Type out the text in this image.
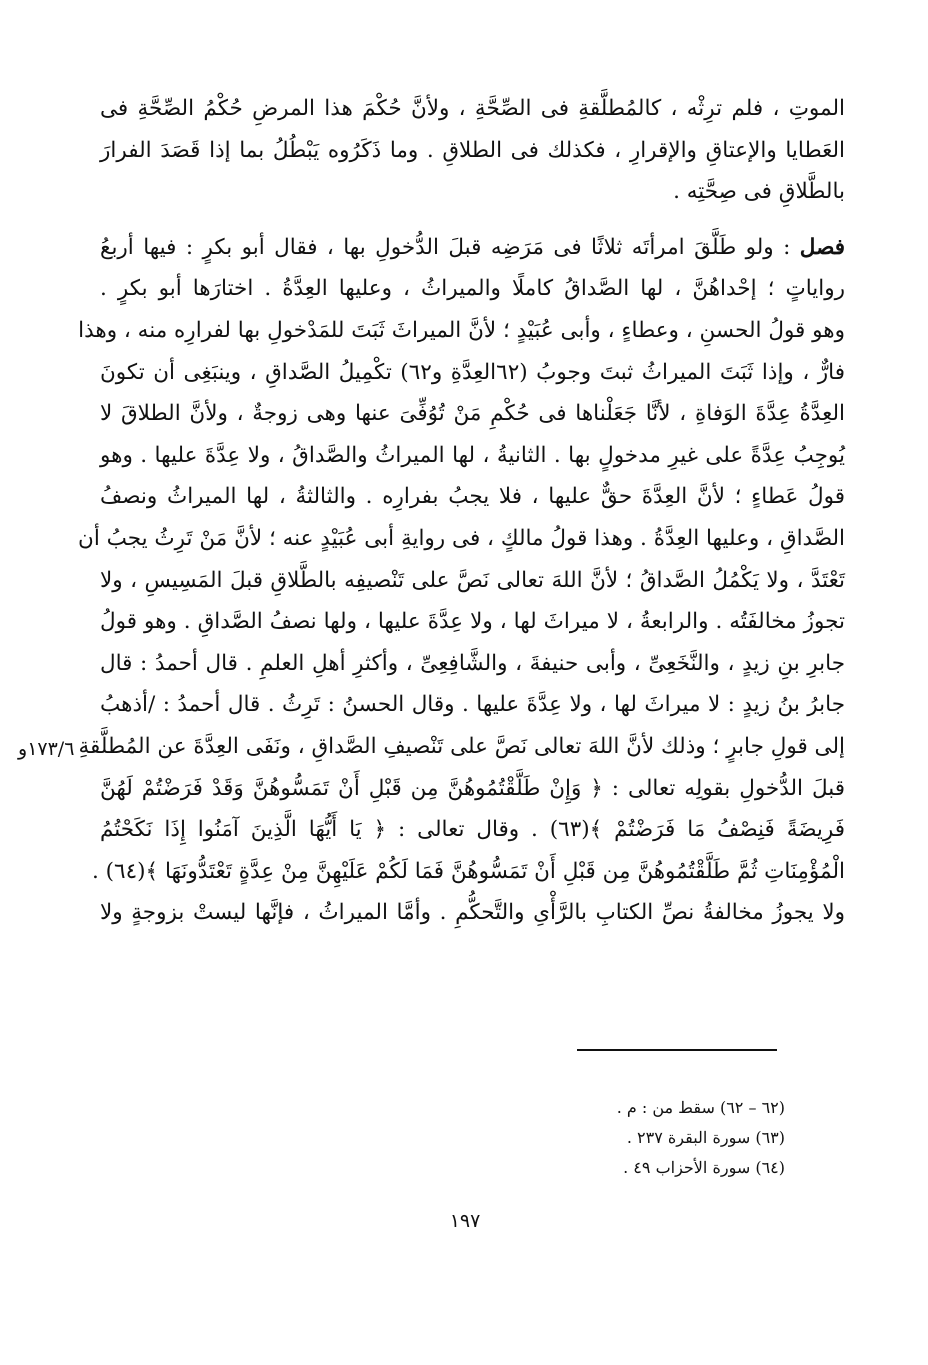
الموتِ ، فلم ترِثْه ، كالمُطلَّقةِ فى الصِّحَّةِ ، ولأنَّ حُكْمَ هذا المرضِ حُكْمُ الصِّحَّةِ فى
العَطايا والإعتاقِ والإقرارِ ، فكذلك فى الطلاقِ . وما ذَكَرُوه يَبْطُلُ بما إذا قَصَدَ الفرارَ
بالطَّلاقِ فى صِحَّتِه .
فصل : ولو طَلَّقَ امرأتَه ثلاثًا فى مَرَضِه قبلَ الدُّخولِ بها ، فقال أبو بكرٍ : فيها أربعُ
رواياتٍ ؛ إحْداهُنَّ ، لها الصَّداقُ كاملًا والميراثُ ، وعليها العِدَّةُ . اختارَها أبو بكرٍ .
وهو قولُ الحسنِ ، وعطاءٍ ، وأبى عُبَيْدٍ ؛ لأنَّ الميراثَ ثَبَتَ للمَدْخولِ بها لفرارِه منه ، وهذا
فارٌّ ، وإذا ثَبَتَ الميراثُ ثبتَ وجوبُ (٦٢العِدَّةِ و٦٢) تكْمِيلُ الصَّداقِ ، وينبَغِى أن تكونَ
العِدَّةُ عِدَّةَ الوَفاةِ ، لأنَّا جَعَلْناها فى حُكْمِ مَنْ تُوُفِّىَ عنها وهى زوجةٌ ، ولأنَّ الطلاقَ لا
يُوجِبُ عِدَّةً على غيرِ مدخولٍ بها . الثانيةُ ، لها الميراثُ والصَّداقُ ، ولا عِدَّةَ عليها . وهو
قولُ عَطاءٍ ؛ لأنَّ العِدَّةَ حقٌّ عليها ، فلا يجبُ بفرارِه . والثالثةُ ، لها الميراثُ ونصفُ
الصَّداقِ ، وعليها العِدَّةُ . وهذا قولُ مالكٍ ، فى روايةِ أبى عُبَيْدٍ عنه ؛ لأنَّ مَنْ تَرِثُ يجبُ أن
تَعْتَدَّ ، ولا يَكْمُلُ الصَّداقُ ؛ لأنَّ اللهَ تعالى نَصَّ على تَنْصيفِه بالطَّلاقِ قبلَ المَسِيسِ ، ولا
تجوزُ مخالفَتُه . والرابعةُ ، لا ميراثَ لها ، ولا عِدَّةَ عليها ، ولها نصفُ الصَّداقِ . وهو قولُ
جابرِ بنِ زيدٍ ، والنَّخَعِىِّ ، وأبى حنيفةَ ، والشَّافِعِىِّ ، وأكثرِ أهلِ العلمِ . قال أحمدُ : قال
جابرُ بنُ زيدٍ : لا ميراثَ لها ، ولا عِدَّةَ عليها . وقال الحسنُ : تَرِثُ . قال أحمدُ : /أذهبُ
إلى قولِ جابرٍ ؛ وذلك لأنَّ اللهَ تعالى نَصَّ على تَنْصيفِ الصَّداقِ ، ونَفَى العِدَّةَ عن المُطلَّقةِ
قبلَ الدُّخولِ بقولِه تعالى : ﴿ وَإِنْ طَلَّقْتُمُوهُنَّ مِن قَبْلِ أَنْ تَمَسُّوهُنَّ وَقَدْ فَرَضْتُمْ لَهُنَّ
فَرِيضَةً فَنِصْفُ مَا فَرَضْتُمْ ﴾(٦٣) . وقال تعالى : ﴿ يَا أَيُّهَا الَّذِينَ آمَنُوا إِذَا نَكَحْتُمُ
الْمُؤْمِنَاتِ ثُمَّ طَلَّقْتُمُوهُنَّ مِن قَبْلِ أَنْ تَمَسُّوهُنَّ فَمَا لَكُمْ عَلَيْهِنَّ مِنْ عِدَّةٍ تَعْتَدُّونَهَا ﴾(٦٤) .
ولا يجوزُ مخالفةُ نصِّ الكتابِ بالرَّأْىِ والتَّحكُّمِ . وأمَّا الميراثُ ، فإنَّها ليستْ بزوجةٍ ولا
١٧٣/٦و
(٦٢ – ٦٢) سقط من : م .
(٦٣) سورة البقرة ٢٣٧ .
(٦٤) سورة الأحزاب ٤٩ .
١٩٧
